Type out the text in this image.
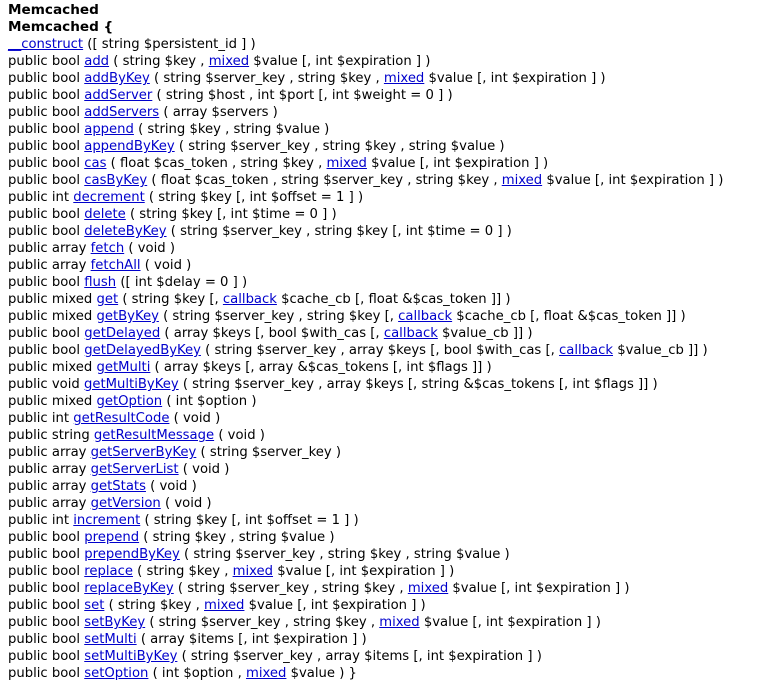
Memcached
Memcached {
__construct ([ string $persistent_id ] )
public bool add ( string $key , mixed $value [, int $expiration ] )
public bool addByKey ( string $server_key , string $key , mixed $value [, int $expiration ] )
public bool addServer ( string $host , int $port [, int $weight = 0 ] )
public bool addServers ( array $servers )
public bool append ( string $key , string $value )
public bool appendByKey ( string $server_key , string $key , string $value )
public bool cas ( float $cas_token , string $key , mixed $value [, int $expiration ] )
public bool casByKey ( float $cas_token , string $server_key , string $key , mixed $value [, int $expiration ] )
public int decrement ( string $key [, int $offset = 1 ] )
public bool delete ( string $key [, int $time = 0 ] )
public bool deleteByKey ( string $server_key , string $key [, int $time = 0 ] )
public array fetch ( void )
public array fetchAll ( void )
public bool flush ([ int $delay = 0 ] )
public mixed get ( string $key [, callback $cache_cb [, float &$cas_token ]] )
public mixed getByKey ( string $server_key , string $key [, callback $cache_cb [, float &$cas_token ]] )
public bool getDelayed ( array $keys [, bool $with_cas [, callback $value_cb ]] )
public bool getDelayedByKey ( string $server_key , array $keys [, bool $with_cas [, callback $value_cb ]] )
public mixed getMulti ( array $keys [, array &$cas_tokens [, int $flags ]] )
public void getMultiByKey ( string $server_key , array $keys [, string &$cas_tokens [, int $flags ]] )
public mixed getOption ( int $option )
public int getResultCode ( void )
public string getResultMessage ( void )
public array getServerByKey ( string $server_key )
public array getServerList ( void )
public array getStats ( void )
public array getVersion ( void )
public int increment ( string $key [, int $offset = 1 ] )
public bool prepend ( string $key , string $value )
public bool prependByKey ( string $server_key , string $key , string $value )
public bool replace ( string $key , mixed $value [, int $expiration ] )
public bool replaceByKey ( string $server_key , string $key , mixed $value [, int $expiration ] )
public bool set ( string $key , mixed $value [, int $expiration ] )
public bool setByKey ( string $server_key , string $key , mixed $value [, int $expiration ] )
public bool setMulti ( array $items [, int $expiration ] )
public bool setMultiByKey ( string $server_key , array $items [, int $expiration ] )
public bool setOption ( int $option , mixed $value ) }
